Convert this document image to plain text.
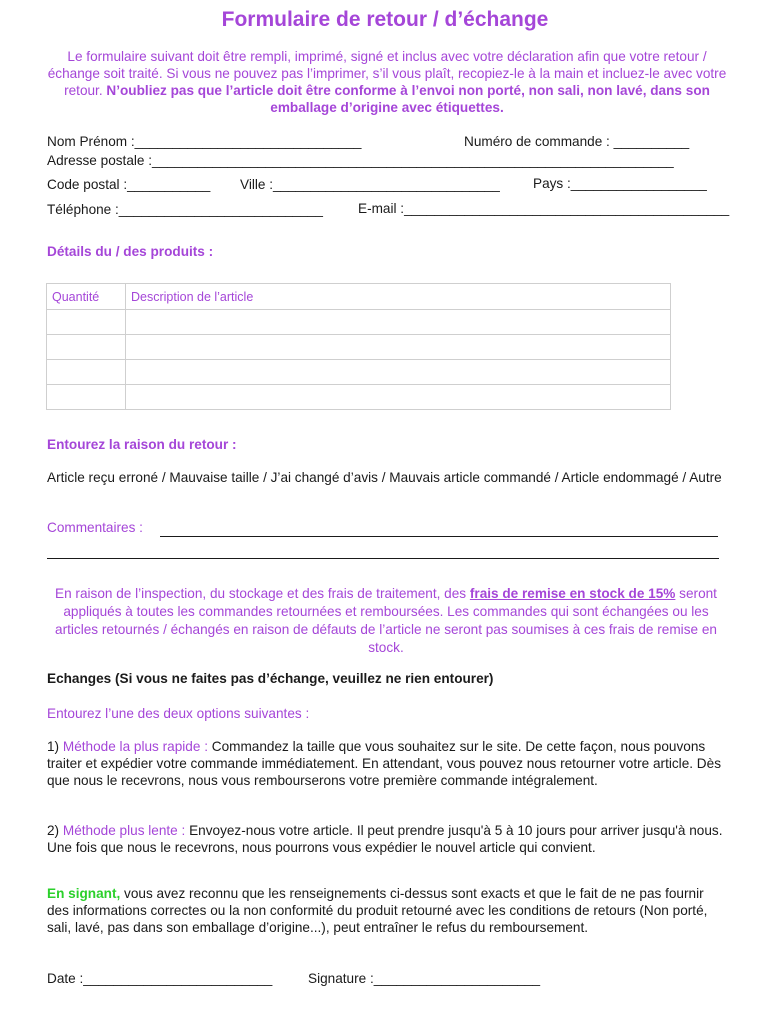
Formulaire de retour / d’échange
Le formulaire suivant doit être rempli, imprimé, signé et inclus avec votre déclaration afin que votre retour / échange soit traité. Si vous ne pouvez pas l’imprimer, s’il vous plaît, recopiez-le à la main et incluez-le avec votre retour. N’oubliez pas que l’article doit être conforme à l’envoi non porté, non sali, non lavé, dans son emballage d’origine avec étiquettes.
Nom Prénom :______________________________	Numéro de commande : __________
Adresse postale :_____________________________________________________________________
Code postal :___________ Ville :______________________________ Pays :__________________
Téléphone :___________________________	E-mail :___________________________________________
Détails du / des produits :
Quantité	Description de l’article

Entourez la raison du retour :
Article reçu erroné / Mauvaise taille / J’ai changé d’avis / Mauvais article commandé / Article endommagé / Autre
Commentaires :
En raison de l’inspection, du stockage et des frais de traitement, des frais de remise en stock de 15% seront appliqués à toutes les commandes retournées et remboursées. Les commandes qui sont échangées ou les articles retournés / échangés en raison de défauts de l’article ne seront pas soumises à ces frais de remise en stock.
Echanges (Si vous ne faites pas d’échange, veuillez ne rien entourer)
Entourez l’une des deux options suivantes :
1) Méthode la plus rapide : Commandez la taille que vous souhaitez sur le site. De cette façon, nous pouvons traiter et expédier votre commande immédiatement. En attendant, vous pouvez nous retourner votre article. Dès que nous le recevrons, nous vous rembourserons votre première commande intégralement.
2) Méthode plus lente : Envoyez-nous votre article. Il peut prendre jusqu'à 5 à 10 jours pour arriver jusqu'à nous. Une fois que nous le recevrons, nous pourrons vous expédier le nouvel article qui convient.
En signant, vous avez reconnu que les renseignements ci-dessus sont exacts et que le fait de ne pas fournir des informations correctes ou la non conformité du produit retourné avec les conditions de retours (Non porté, sali, lavé, pas dans son emballage d’origine...), peut entraîner le refus du remboursement.
Date :_________________________	Signature :______________________
